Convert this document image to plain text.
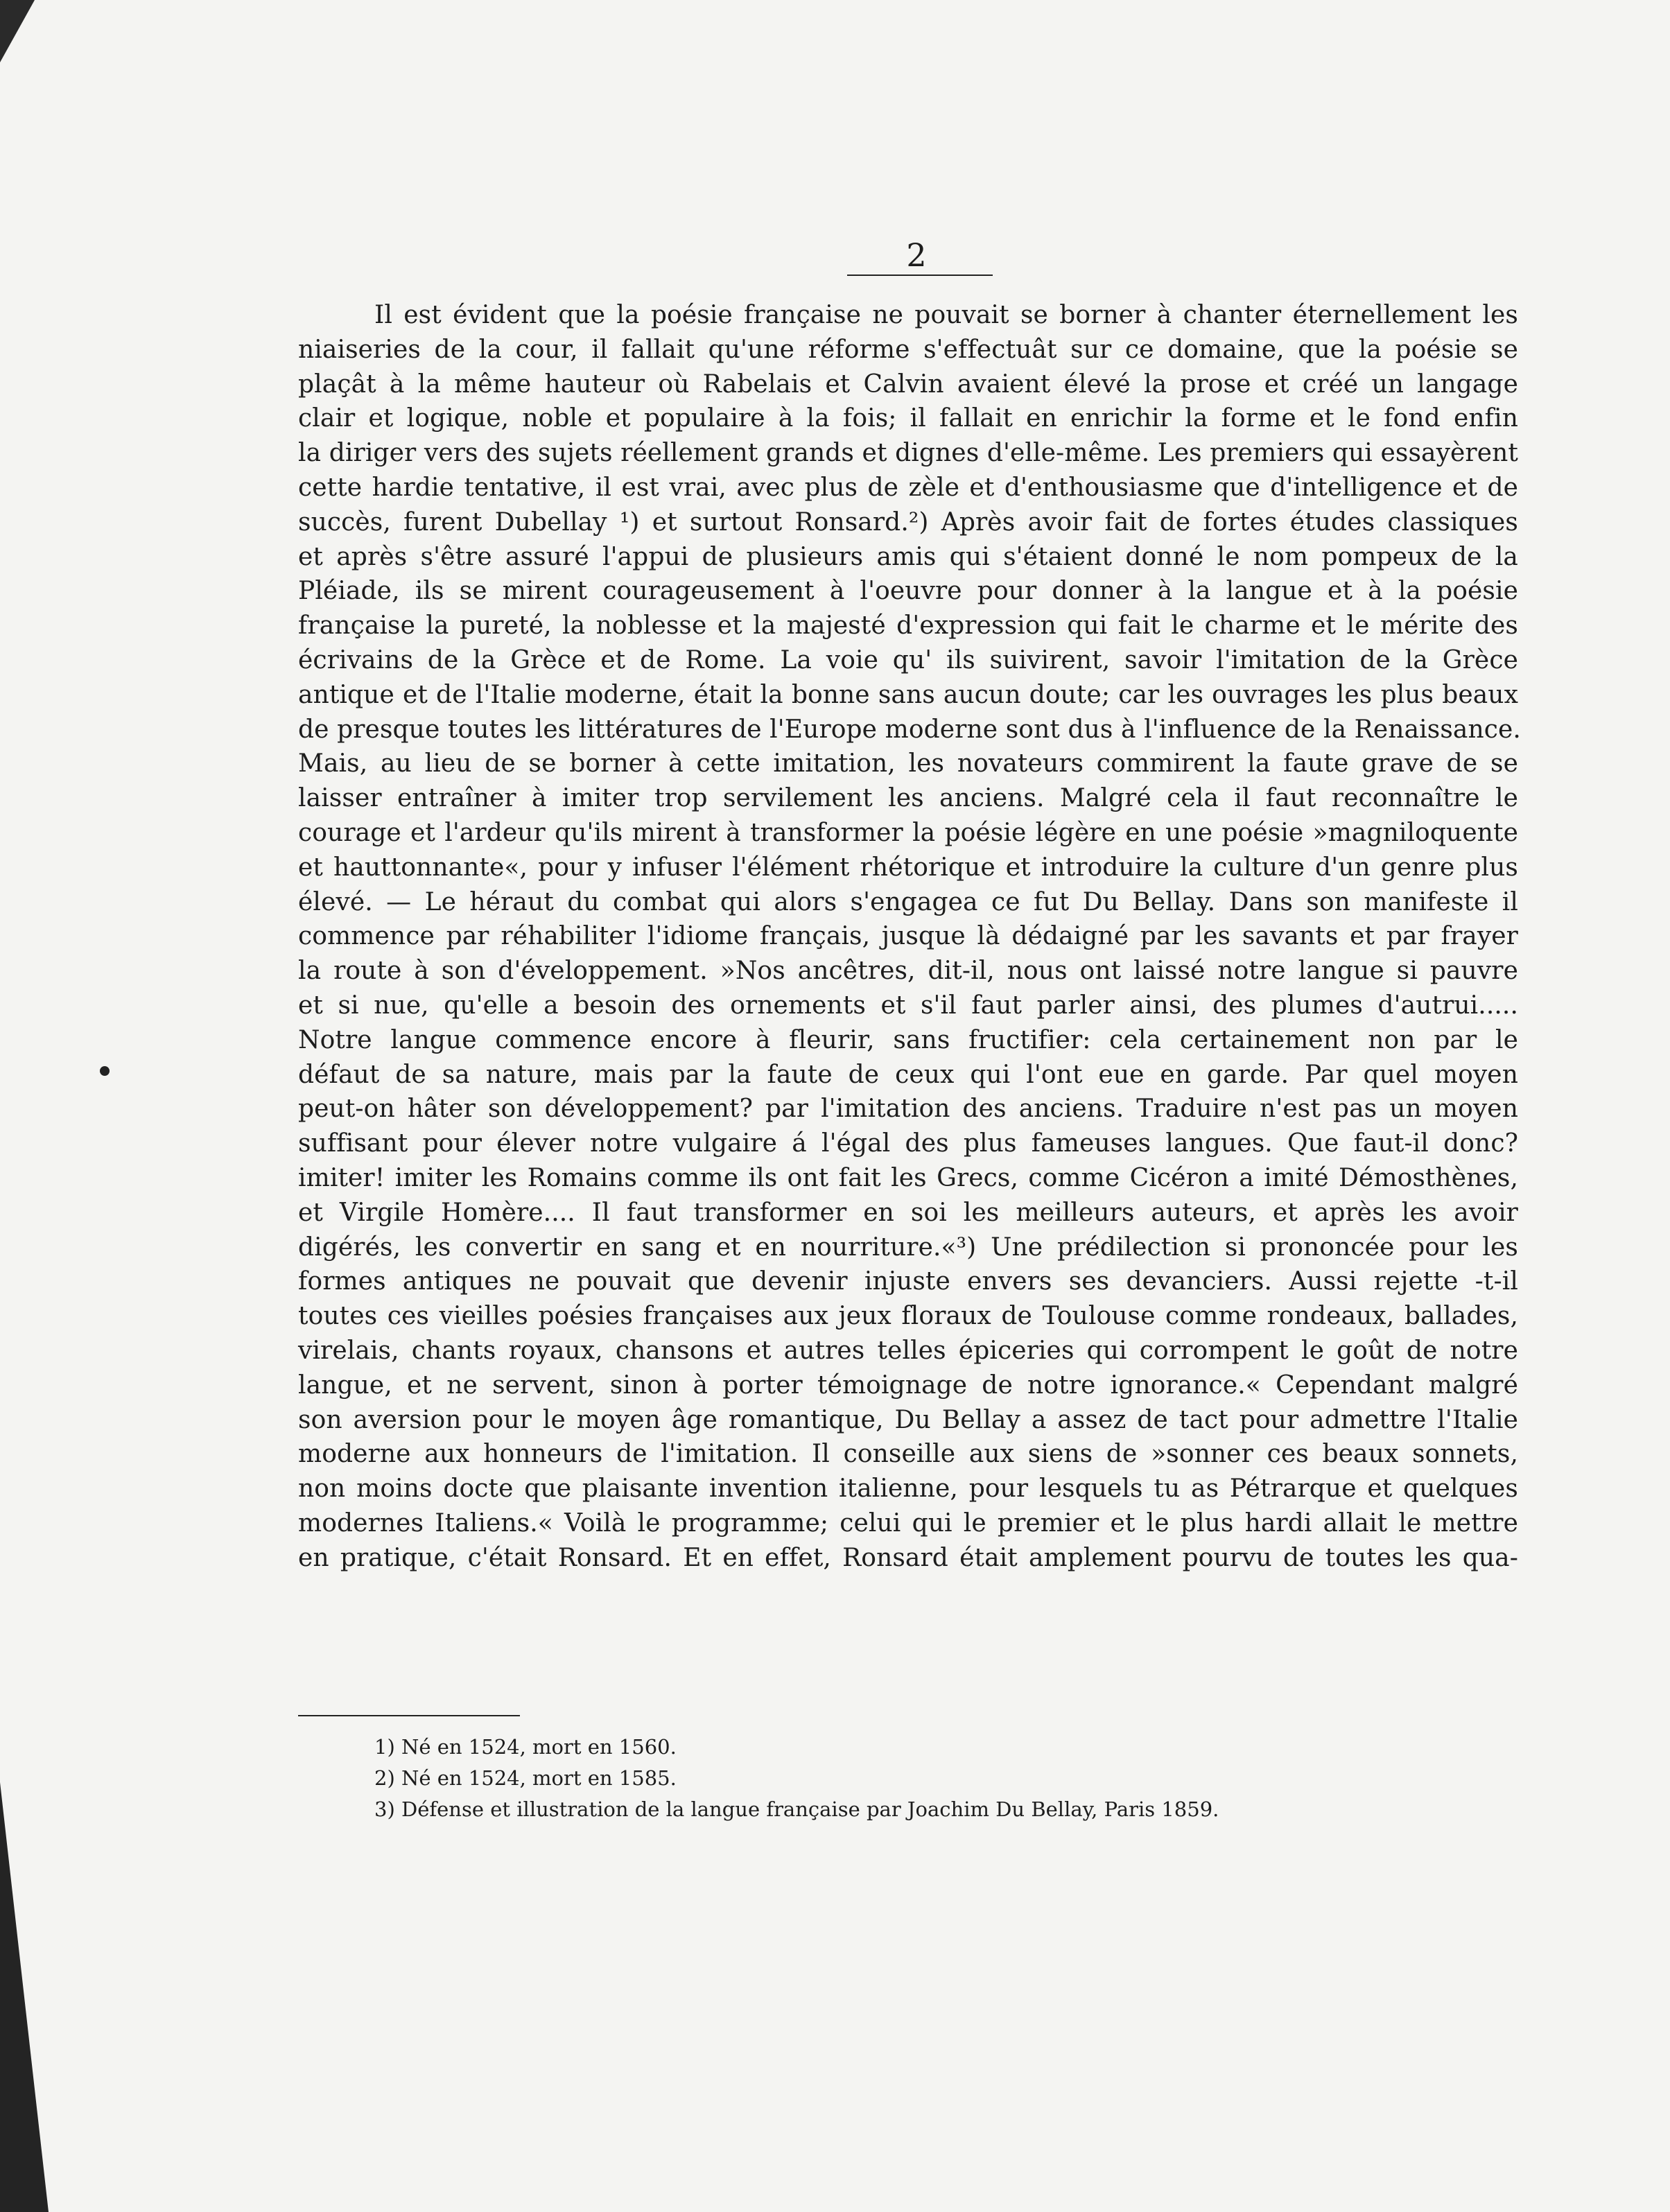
2
Il est évident que la poésie française ne pouvait se borner à chanter éternellement les
niaiseries de la cour, il fallait qu'une réforme s'effectuât sur ce domaine, que la poésie se
plaçât à la même hauteur où Rabelais et Calvin avaient élevé la prose et créé un langage
clair et logique, noble et populaire à la fois; il fallait en enrichir la forme et le fond enfin
la diriger vers des sujets réellement grands et dignes d'elle-même. Les premiers qui essayèrent
cette hardie tentative, il est vrai, avec plus de zèle et d'enthousiasme que d'intelligence et de
succès, furent Dubellay ¹) et surtout Ronsard.²) Après avoir fait de fortes études classiques
et après s'être assuré l'appui de plusieurs amis qui s'étaient donné le nom pompeux de la
Pléiade, ils se mirent courageusement à l'oeuvre pour donner à la langue et à la poésie
française la pureté, la noblesse et la majesté d'expression qui fait le charme et le mérite des
écrivains de la Grèce et de Rome. La voie qu' ils suivirent, savoir l'imitation de la Grèce
antique et de l'Italie moderne, était la bonne sans aucun doute; car les ouvrages les plus beaux
de presque toutes les littératures de l'Europe moderne sont dus à l'influence de la Renaissance.
Mais, au lieu de se borner à cette imitation, les novateurs commirent la faute grave de se
laisser entraîner à imiter trop servilement les anciens. Malgré cela il faut reconnaître le
courage et l'ardeur qu'ils mirent à transformer la poésie légère en une poésie »magniloquente
et hauttonnante«, pour y infuser l'élément rhétorique et introduire la culture d'un genre plus
élevé. — Le héraut du combat qui alors s'engagea ce fut Du Bellay. Dans son manifeste il
commence par réhabiliter l'idiome français, jusque là dédaigné par les savants et par frayer
la route à son d'éveloppement. »Nos ancêtres, dit-il, nous ont laissé notre langue si pauvre
et si nue, qu'elle a besoin des ornements et s'il faut parler ainsi, des plumes d'autrui.....
Notre langue commence encore à fleurir, sans fructifier: cela certainement non par le
défaut de sa nature, mais par la faute de ceux qui l'ont eue en garde. Par quel moyen
peut-on hâter son développement? par l'imitation des anciens. Traduire n'est pas un moyen
suffisant pour élever notre vulgaire á l'égal des plus fameuses langues. Que faut-il donc?
imiter! imiter les Romains comme ils ont fait les Grecs, comme Cicéron a imité Démosthènes,
et Virgile Homère.... Il faut transformer en soi les meilleurs auteurs, et après les avoir
digérés, les convertir en sang et en nourriture.«³) Une prédilection si prononcée pour les
formes antiques ne pouvait que devenir injuste envers ses devanciers. Aussi rejette -t-il
toutes ces vieilles poésies françaises aux jeux floraux de Toulouse comme rondeaux, ballades,
virelais, chants royaux, chansons et autres telles épiceries qui corrompent le goût de notre
langue, et ne servent, sinon à porter témoignage de notre ignorance.« Cependant malgré
son aversion pour le moyen âge romantique, Du Bellay a assez de tact pour admettre l'Italie
moderne aux honneurs de l'imitation. Il conseille aux siens de »sonner ces beaux sonnets,
non moins docte que plaisante invention italienne, pour lesquels tu as Pétrarque et quelques
modernes Italiens.« Voilà le programme; celui qui le premier et le plus hardi allait le mettre
en pratique, c'était Ronsard. Et en effet, Ronsard était amplement pourvu de toutes les qua-
1) Né en 1524, mort en 1560.
2) Né en 1524, mort en 1585.
3) Défense et illustration de la langue française par Joachim Du Bellay, Paris 1859.
